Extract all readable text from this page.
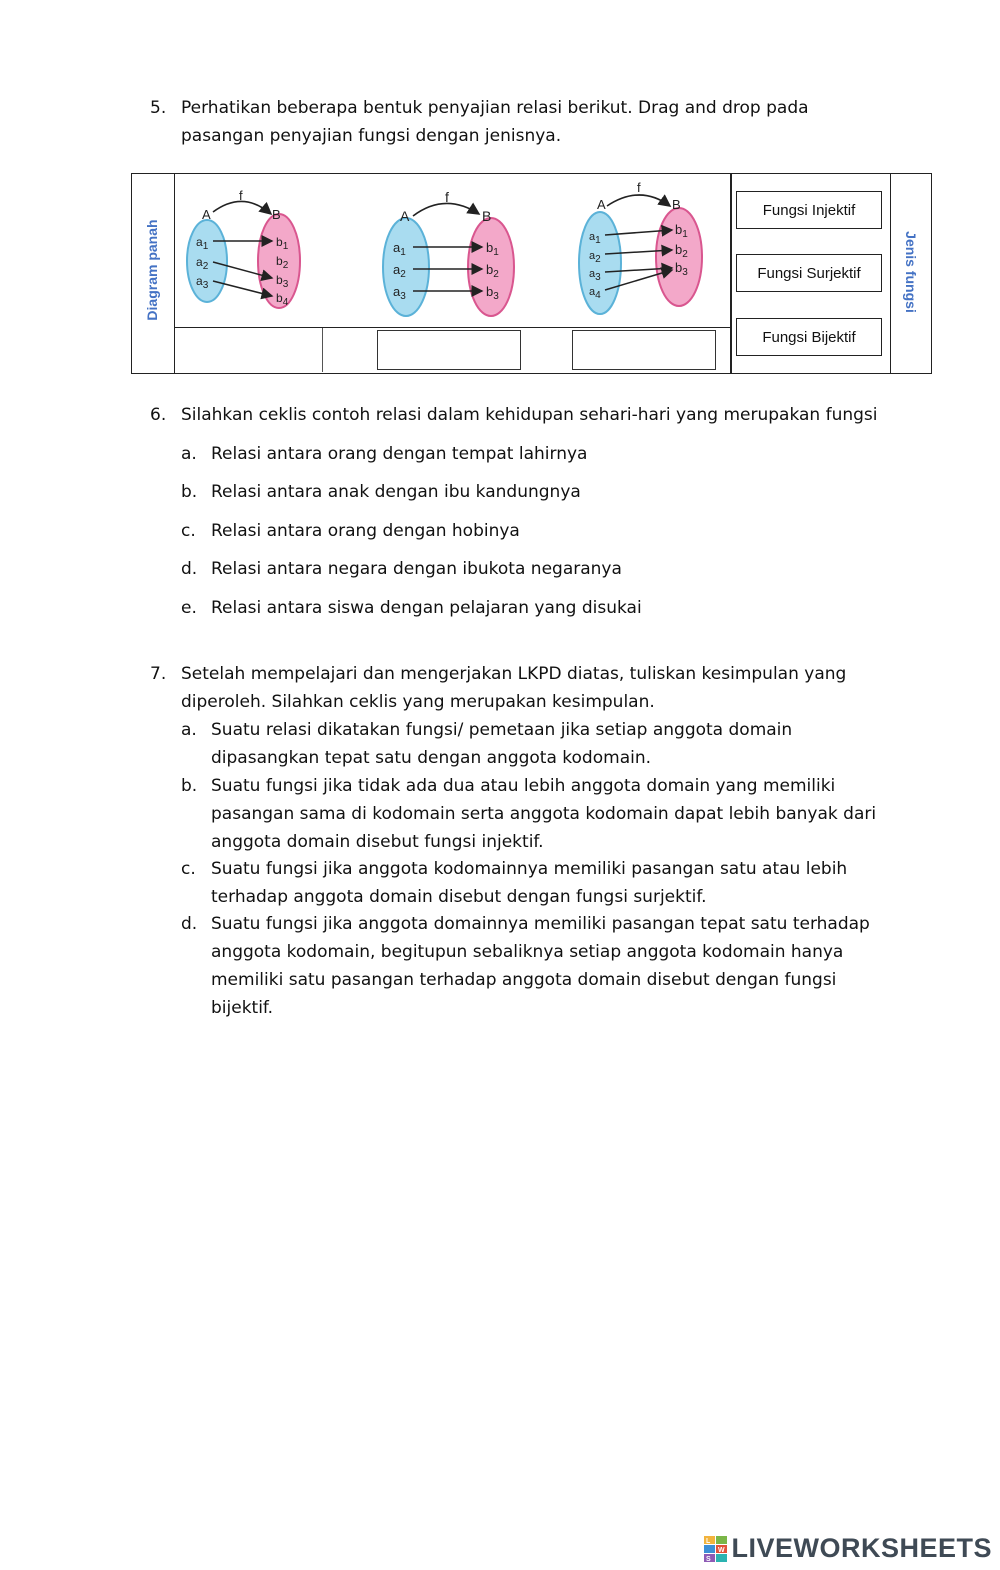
5. Perhatikan beberapa bentuk penyajian relasi berikut. Drag and drop pada
pasangan penyajian fungsi dengan jenisnya.
Diagram panah	Jenis fungsi
f
A	B
$a_1$
$a_2$
$a_3$
$b_1$
$b_2$
$b_3$
$b_4$
f
A	B
$a_1$
$a_2$
$a_3$
$b_1$
$b_2$
$b_3$
f
A	B
a1
a2
a3
a4
$b_1$
$b_2$
$b_3$
Fungsi Injektif
Fungsi Surjektif
Fungsi Bijektif
6. Silahkan ceklis contoh relasi dalam kehidupan sehari-hari yang merupakan fungsi
a. Relasi antara orang dengan tempat lahirnya
b. Relasi antara anak dengan ibu kandungnya
c. Relasi antara orang dengan hobinya
d. Relasi antara negara dengan ibukota negaranya
e. Relasi antara siswa dengan pelajaran yang disukai
7. Setelah mempelajari dan mengerjakan LKPD diatas, tuliskan kesimpulan yang
diperoleh. Silahkan ceklis yang merupakan kesimpulan.
a. Suatu relasi dikatakan fungsi/ pemetaan jika setiap anggota domain
dipasangkan tepat satu dengan anggota kodomain.
b. Suatu fungsi jika tidak ada dua atau lebih anggota domain yang memiliki
pasangan sama di kodomain serta anggota kodomain dapat lebih banyak dari
anggota domain disebut fungsi injektif.
c. Suatu fungsi jika anggota kodomainnya memiliki pasangan satu atau lebih
terhadap anggota domain disebut dengan fungsi surjektif.
d. Suatu fungsi jika anggota domainnya memiliki pasangan tepat satu terhadap
anggota kodomain, begitupun sebaliknya setiap anggota kodomain hanya
memiliki satu pasangan terhadap anggota domain disebut dengan fungsi
bijektif.
L
W
S LIVEWORKSHEETS
